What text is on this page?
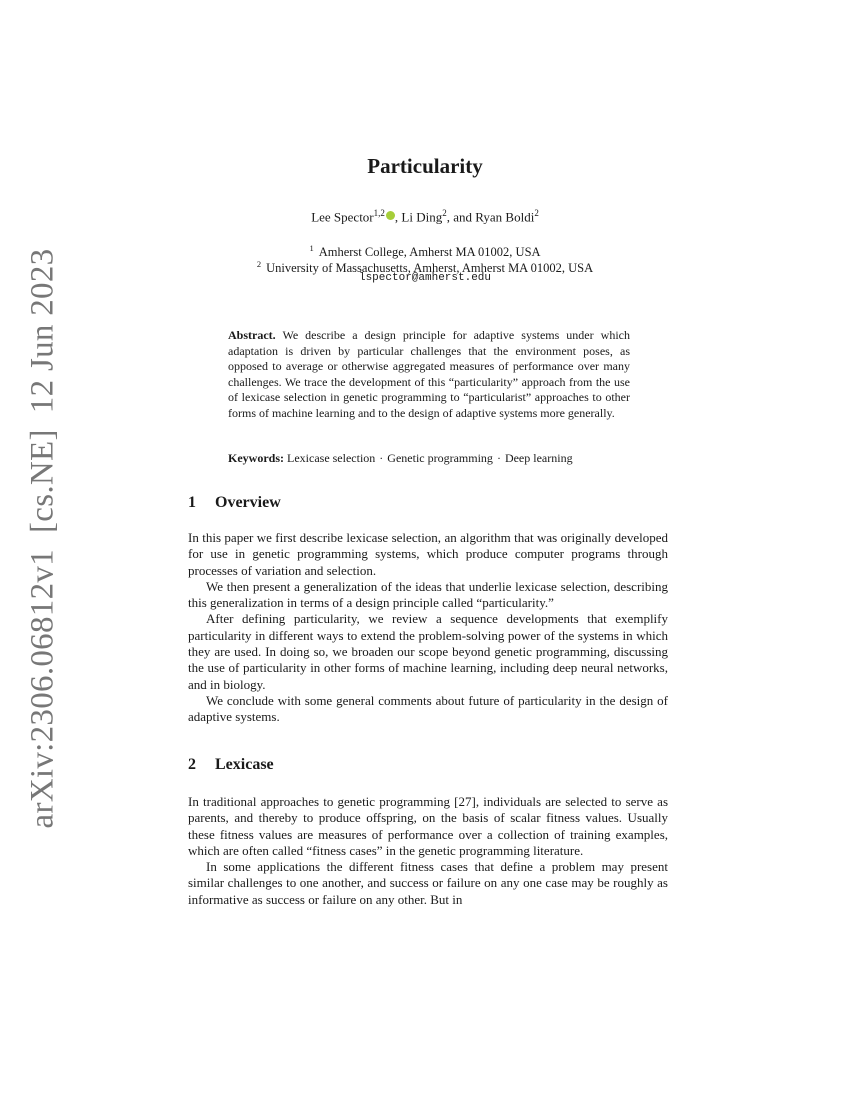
arXiv:2306.06812v1[cs.NE]12 Jun 2023
Particularity
Lee Spector$^{1,2}$ , Li Ding$^2$, and Ryan Boldi$^2$
$^1$ Amherst College, Amherst MA 01002, USA
$^2$ University of Massachusetts, Amherst, Amherst MA 01002, USA
lspector@amherst.edu
Abstract. We describe a design principle for adaptive systems under which adaptation is driven by particular challenges that the environment poses, as opposed to average or otherwise aggregated measures of performance over many challenges. We trace the development of this “particularity” approach from the use of lexicase selection in genetic programming to “particularist” approaches to other forms of machine learning and to the design of adaptive systems more generally.
Keywords: Lexicase selection · Genetic programming · Deep learning
1 Overview

In this paper we first describe lexicase selection, an algorithm that was originally developed for use in genetic programming systems, which produce computer programs through processes of variation and selection.

We then present a generalization of the ideas that underlie lexicase selection, describing this generalization in terms of a design principle called “particularity.”

After defining particularity, we review a sequence developments that exemplify particularity in different ways to extend the problem-solving power of the systems in which they are used. In doing so, we broaden our scope beyond genetic programming, discussing the use of particularity in other forms of machine learning, including deep neural networks, and in biology.

We conclude with some general comments about future of particularity in the design of adaptive systems.

2 Lexicase

In traditional approaches to genetic programming [27], individuals are selected to serve as parents, and thereby to produce offspring, on the basis of scalar fitness values. Usually these fitness values are measures of performance over a collection of training examples, which are often called “fitness cases” in the genetic programming literature.

In some applications the different fitness cases that define a problem may present similar challenges to one another, and success or failure on any one case may be roughly as informative as success or failure on any other. But in
